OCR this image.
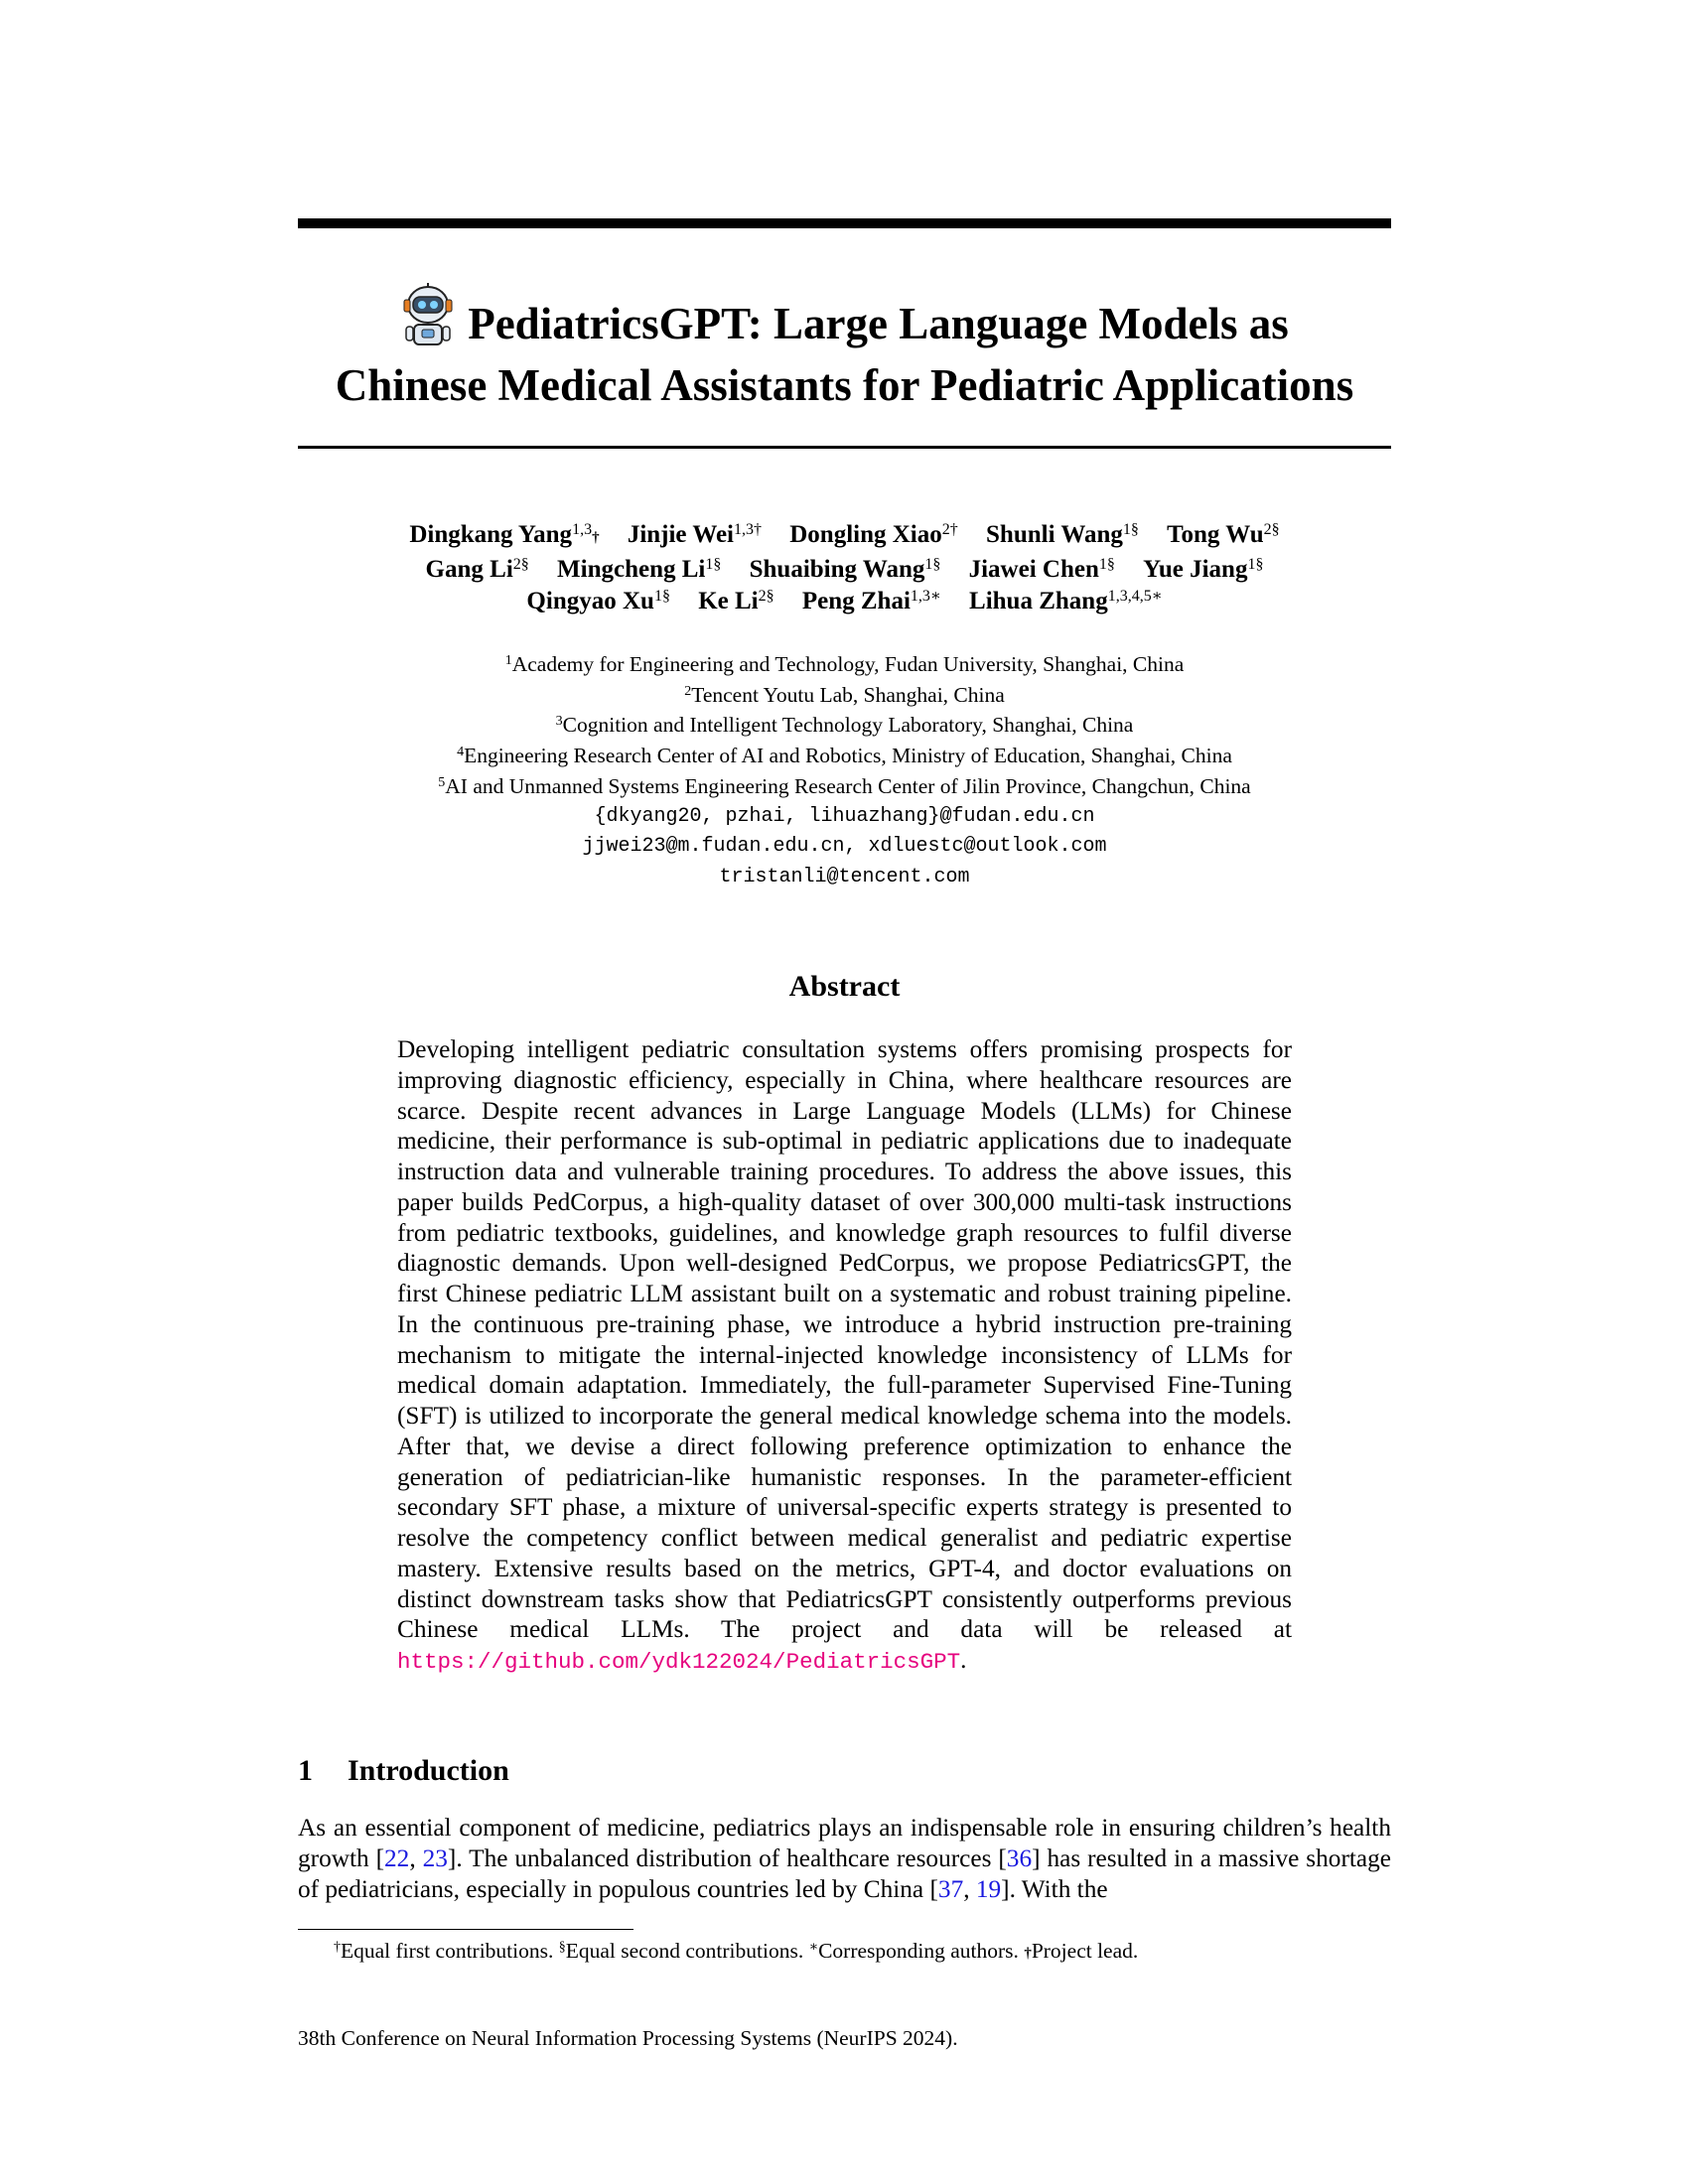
PediatricsGPT: Large Language Models as
Chinese Medical Assistants for Pediatric Applications
Dingkang Yang$^{1,3}$† Jinjie Wei$^{1,3\dagger}$ Dongling Xiao$^{2\dagger}$ Shunli Wang$^{1\S}$ Tong $Wu^{2\S}$
Gang $Li^{2\S}$ Mingcheng $Li^{1\S}$ Shuaibing Wang$^{1\S}$ Jiawei Chen$^{1\S}$ Yue Jiang$^{1\S}$
Qingyao $Xu^{1\S}$ Ke $Li^{2\S}$ Peng Zhai$^{1,3∗}$ Lihua Zhang$^{1,3,4,5∗}$
$^1$Academy for Engineering and Technology, Fudan University, Shanghai, China
$^2$Tencent Youtu Lab, Shanghai, China
$^3$Cognition and Intelligent Technology Laboratory, Shanghai, China
$^4$Engineering Research Center of AI and Robotics, Ministry of Education, Shanghai, China
$^5$AI and Unmanned Systems Engineering Research Center of Jilin Province, Changchun, China
{dkyang20, pzhai, lihuazhang}@fudan.edu.cn
jjwei23@m.fudan.edu.cn, xdluestc@outlook.com
tristanli@tencent.com
Abstract
Developing intelligent pediatric consultation systems offers promising prospects for improving diagnostic efficiency, especially in China, where healthcare resources are scarce. Despite recent advances in Large Language Models (LLMs) for Chinese medicine, their performance is sub-optimal in pediatric applications due to inadequate instruction data and vulnerable training procedures. To address the above issues, this paper builds PedCorpus, a high-quality dataset of over 300,000 multi-task instructions from pediatric textbooks, guidelines, and knowledge graph resources to fulfil diverse diagnostic demands. Upon well-designed PedCorpus, we propose PediatricsGPT, the first Chinese pediatric LLM assistant built on a systematic and robust training pipeline. In the continuous pre-training phase, we introduce a hybrid instruction pre-training mechanism to mitigate the internal-injected knowledge inconsistency of LLMs for medical domain adaptation. Immediately, the full-parameter Supervised Fine-Tuning (SFT) is utilized to incorporate the general medical knowledge schema into the models. After that, we devise a direct following preference optimization to enhance the generation of pediatrician-like humanistic responses. In the parameter-efficient secondary SFT phase, a mixture of universal-specific experts strategy is presented to resolve the competency conflict between medical generalist and pediatric expertise mastery. Extensive results based on the metrics, GPT-4, and doctor evaluations on distinct downstream tasks show that PediatricsGPT consistently outperforms previous Chinese medical LLMs. The project and data will be released at https://github.com/ydk122024/PediatricsGPT.
1 Introduction
As an essential component of medicine, pediatrics plays an indispensable role in ensuring children’s health growth [22, 23]. The unbalanced distribution of healthcare resources [36] has resulted in a massive shortage of pediatricians, especially in populous countries led by China [37, 19]. With the
†Equal first contributions. §Equal second contributions. ∗Corresponding authors. †Project lead.
38th Conference on Neural Information Processing Systems (NeurIPS 2024).
